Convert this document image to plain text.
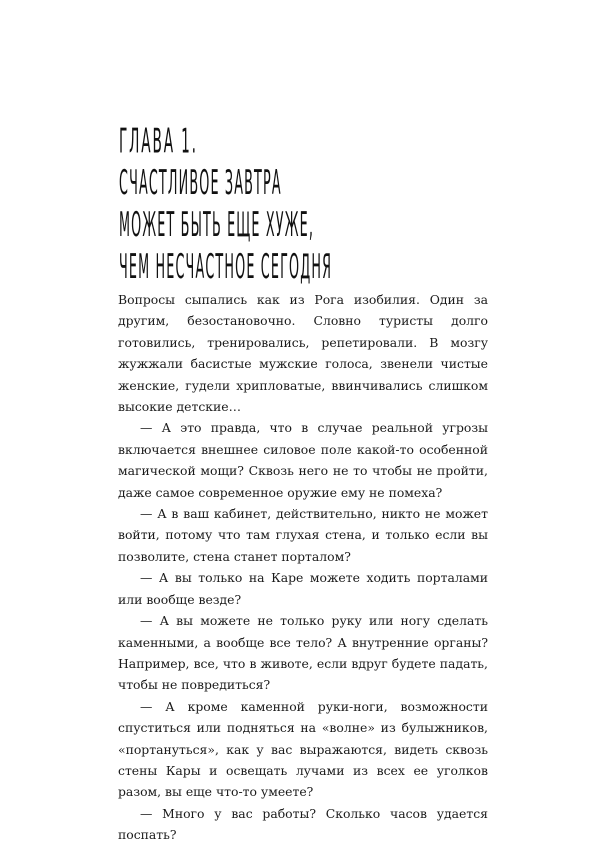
ГЛАВА 1.
СЧАСТЛИВОЕ ЗАВТРА
МОЖЕТ БЫТЬ ЕЩЕ ХУЖЕ,
ЧЕМ НЕСЧАСТНОЕ СЕГОДНЯ

Вопросы сыпались как из Рога изобилия. Один за другим, безостановочно. Словно туристы долго готовились, тренировались, репетировали. В мозгу жужжали басистые мужские голоса, звенели чистые женские, гудели хрипловатые, ввинчивались слишком высокие детские…

— А это правда, что в случае реальной угрозы включается внешнее силовое поле какой-то особенной магической мощи? Сквозь него не то чтобы не пройти, даже самое современное оружие ему не помеха?

— А в ваш кабинет, действительно, никто не может войти, потому что там глухая стена, и только если вы позволите, стена станет порталом?

— А вы только на Каре можете ходить порталами или вообще везде?

— А вы можете не только руку или ногу сделать каменными, а вообще все тело? А внутренние органы? Например, все, что в животе, если вдруг будете падать, чтобы не повредиться?

— А кроме каменной руки-ноги, возможности спуститься или подняться на «волне» из булыжников, «портануться», как у вас выражаются, видеть сквозь стены Кары и освещать лучами из всех ее уголков разом, вы еще что-то умеете?

— Много у вас работы? Сколько часов удается поспать?
